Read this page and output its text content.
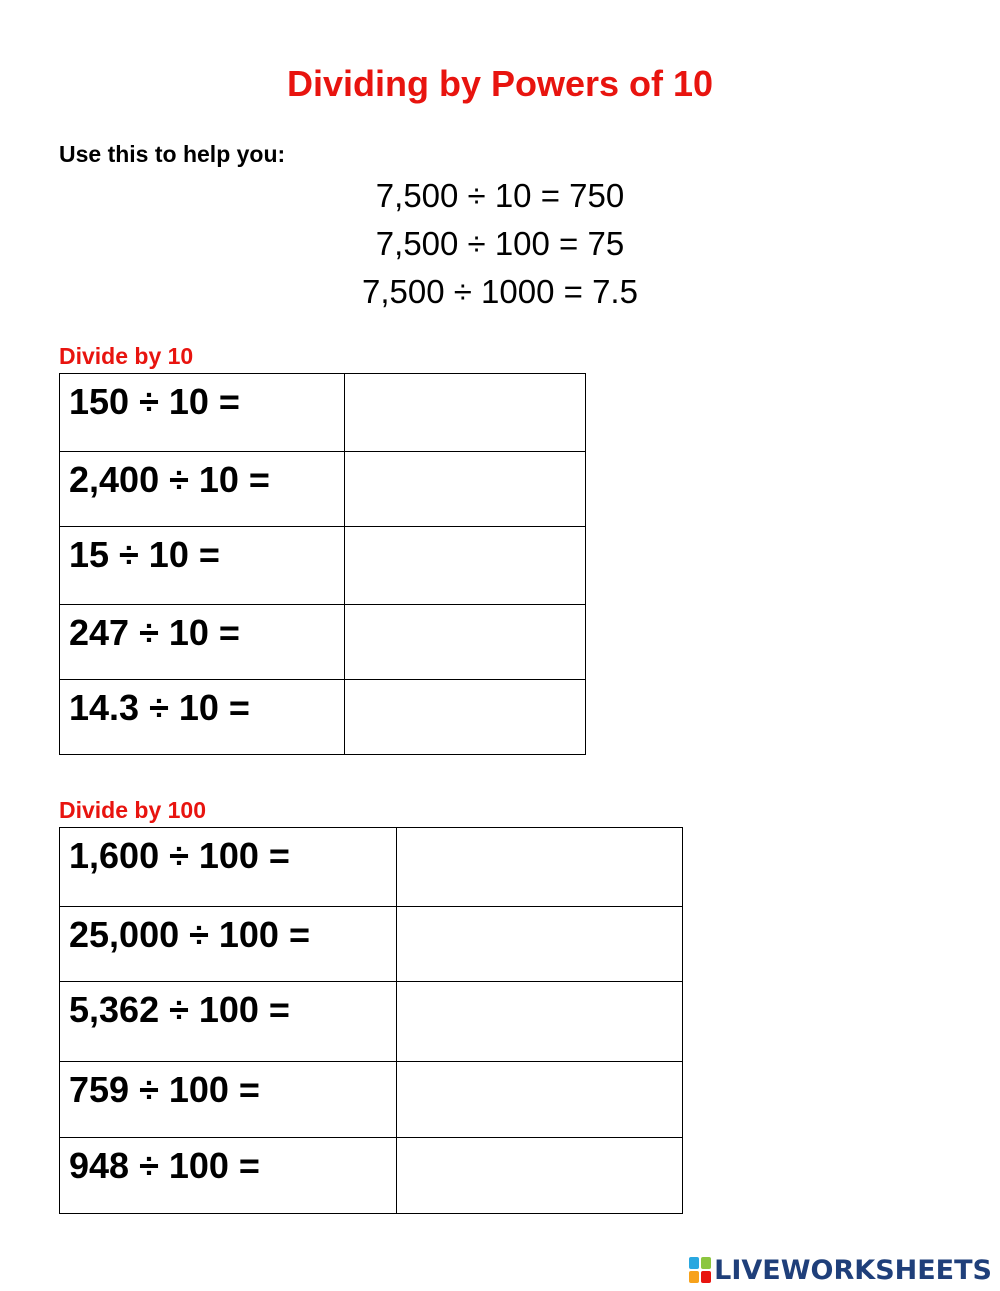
Dividing by Powers of 10
Use this to help you:
7,500 ÷ 10 = 750
7,500 ÷ 100 = 75
7,500 ÷ 1000 = 7.5
Divide by 10
150 ÷ 10 =	
2,400 ÷ 10 =	
15 ÷ 10 =	
247 ÷ 10 =	
14.3 ÷ 10 =	
Divide by 100
1,600 ÷ 100 =	
25,000 ÷ 100 =	
5,362 ÷ 100 =	
759 ÷ 100 =	
948 ÷ 100 =	
LIVEWORKSHEETS
